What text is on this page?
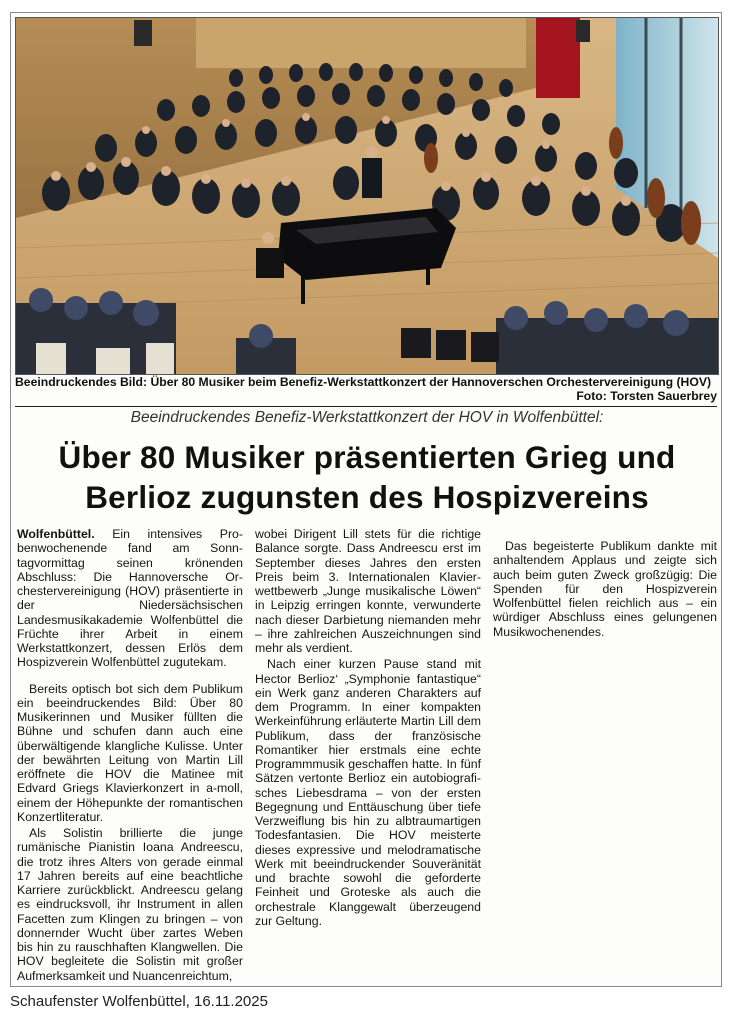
Beeindruckendes Bild: Über 80 Musiker beim Benefiz-Werkstattkonzert der Hannoverschen Orchestervereinigung (HOV)
Foto: Torsten Sauerbrey
Beeindruckendes Benefiz-Werkstattkonzert der HOV in Wolfenbüttel:
Über 80 Musiker präsentierten Grieg und
Berlioz zugunsten des Hospizvereins

Wolfenbüttel. Ein intensives Probenwochenende fand am Sonntagvormittag seinen krönenden Abschluss: Die Hannoversche Orchestervereinigung (HOV) präsentierte in der Niedersächsischen Landesmusikakademie Wolfenbüttel die Früchte ihrer Arbeit in einem Werkstattkonzert, dessen Erlös dem Hospizverein Wolfenbüttel zugutekam.

Bereits optisch bot sich dem Publikum ein beeindruckendes Bild: Über 80 Musikerinnen und Musiker füllten die Bühne und schufen dann auch eine überwältigende klangliche Kulisse. Unter der bewährten Leitung von Martin Lill eröffnete die HOV die Matinee mit Edvard Griegs Klavierkonzert in a-moll, einem der Höhepunkte der romantischen Konzertliteratur.

Als Solistin brillierte die junge rumänische Pianistin Ioana Andreescu, die trotz ihres Alters von gerade einmal 17 Jahren bereits auf eine beachtliche Karriere zurückblickt. Andreescu gelang es eindrucksvoll, ihr Instrument in allen Facetten zum Klingen zu bringen – von donnernder Wucht über zartes Weben bis hin zu rauschhaften Klangwellen. Die HOV begleitete die Solistin mit großer Aufmerksamkeit und Nuancenreichtum,

wobei Dirigent Lill stets für die richtige Balance sorgte. Dass Andreescu erst im September dieses Jahres den ersten Preis beim 3. Internationalen Klavierwettbewerb „Junge musikalische Löwen“ in Leipzig erringen konnte, verwunderte nach dieser Darbietung niemanden mehr – ihre zahlreichen Auszeichnungen sind mehr als verdient.

Nach einer kurzen Pause stand mit Hector Berlioz‘ „Symphonie fantastique“ ein Werk ganz anderen Charakters auf dem Programm. In einer kompakten Werkeinführung erläuterte Martin Lill dem Publikum, dass der französische Romantiker hier erstmals eine echte Programmmusik geschaffen hatte. In fünf Sätzen vertonte Berlioz ein autobiografisches Liebesdrama – von der ersten Begegnung und Enttäuschung über tiefe Verzweiflung bis hin zu albtraumartigen Todesfantasien. Die HOV meisterte dieses expressive und melodramatische Werk mit beeindruckender Souveränität und brachte sowohl die geforderte Feinheit und Groteske als auch die orchestrale Klanggewalt überzeugend zur Geltung.

Das begeisterte Publikum dankte mit anhaltendem Applaus und zeigte sich auch beim guten Zweck großzügig: Die Spenden für den Hospizverein Wolfenbüttel fielen reichlich aus – ein würdiger Abschluss eines gelungenen Musikwochenendes.

Schaufenster Wolfenbüttel, 16.11.2025
